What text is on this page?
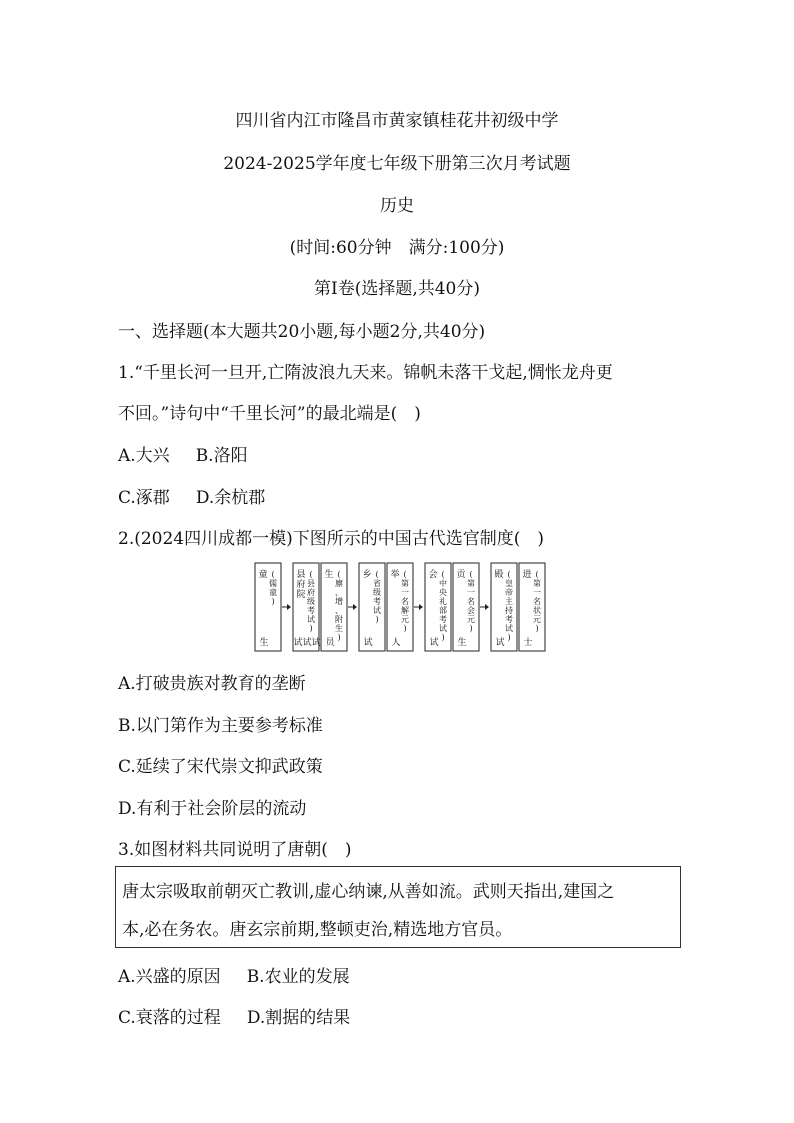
四川省内江市隆昌市黄家镇桂花井初级中学
2024-2025学年度七年级下册第三次月考试题
历史
(时间:60分钟　满分:100分)
第Ⅰ卷(选择题,共40分)
一、选择题(本大题共20小题,每小题2分,共40分)
1.“千里长河一旦开,亡隋波浪九天来。锦帆未落干戈起,惆怅龙舟更
不回。”诗句中“千里长河”的最北端是(　)
A.大兴 B.洛阳
C.涿郡 D.余杭郡
2.(2024四川成都一模)下图所示的中国古代选官制度(　)
童 (儒童)
生
县府院
(县府级考试)
试试试
生 (廪、增、附生)
员
乡 (省级考试)
试
举 (第一名解元)
人
会 (中央礼部考试)
试
贡 (第一名会元)
生
殿 (皇帝主持考试)
试
进 (第一名状元)
士
A.打破贵族对教育的垄断
B.以门第作为主要参考标准
C.延续了宋代崇文抑武政策
D.有利于社会阶层的流动
3.如图材料共同说明了唐朝(　)
唐太宗吸取前朝灭亡教训,虚心纳谏,从善如流。武则天指出,建国之
本,必在务农。唐玄宗前期,整顿吏治,精选地方官员。
A.兴盛的原因 B.农业的发展
C.衰落的过程 D.割据的结果
